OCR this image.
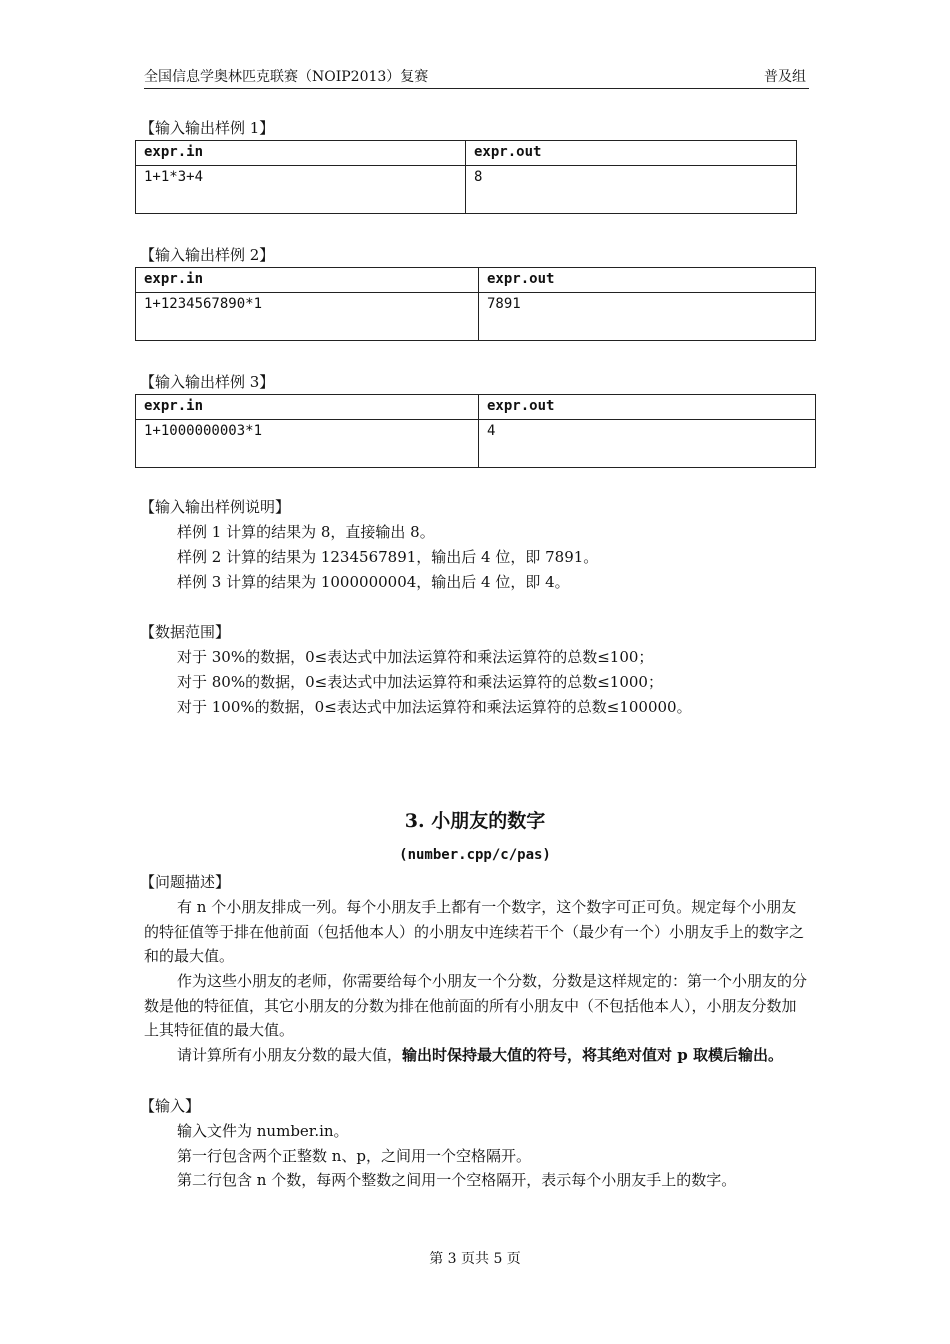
全国信息学奥林匹克联赛（NOIP2013）复赛	普及组
【输入输出样例 1】
expr.in	expr.out
1+1*3+4	8
【输入输出样例 2】
expr.in	expr.out
1+1234567890*1	7891
【输入输出样例 3】
expr.in	expr.out
1+1000000003*1	4
【输入输出样例说明】
样例 1 计算的结果为 8，直接输出 8。
样例 2 计算的结果为 1234567891，输出后 4 位，即 7891。
样例 3 计算的结果为 1000000004，输出后 4 位，即 4。
【数据范围】
对于 30%的数据，0≤表达式中加法运算符和乘法运算符的总数≤100；
对于 80%的数据，0≤表达式中加法运算符和乘法运算符的总数≤1000；
对于 100%的数据，0≤表达式中加法运算符和乘法运算符的总数≤100000。
3. 小朋友的数字
(number.cpp/c/pas)
【问题描述】
有 n 个小朋友排成一列。每个小朋友手上都有一个数字，这个数字可正可负。规定每个小朋友的特征值等于排在他前面（包括他本人）的小朋友中连续若干个（最少有一个）小朋友手上的数字之和的最大值。
作为这些小朋友的老师，你需要给每个小朋友一个分数，分数是这样规定的：第一个小朋友的分数是他的特征值，其它小朋友的分数为排在他前面的所有小朋友中（不包括他本人），小朋友分数加上其特征值的最大值。
请计算所有小朋友分数的最大值，输出时保持最大值的符号，将其绝对值对 p 取模后输出。
【输入】
输入文件为 number.in。
第一行包含两个正整数 n、p，之间用一个空格隔开。
第二行包含 n 个数，每两个整数之间用一个空格隔开，表示每个小朋友手上的数字。
第 3 页共 5 页
